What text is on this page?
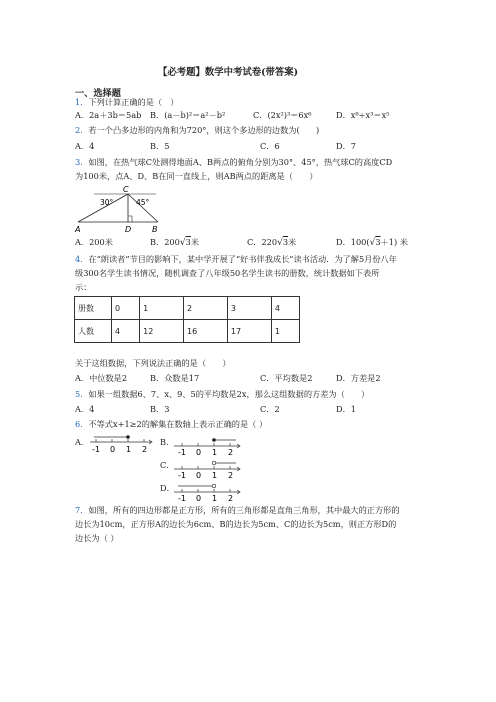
【必考题】数学中考试卷(带答案)
一、选择题
1．下列计算正确的是（　）
A．2a＋3b＝5ab B．(a－b)²＝a²－b²	C．(2x²)³＝6x⁶	D．x⁸÷x³＝x⁵
2．若一个凸多边形的内角和为720°，则这个多边形的边数为(　　)
A．4	B．5	C．6	D．7
3．如图，在热气球C处测得地面A、B两点的俯角分别为30°、45°，热气球C的高度CD
为100米，点A、D、B在同一直线上，则AB两点的距离是（　　）
C
30°	45°
A	D	B
A．200米	B．200√3米	C．220√3米	D．100(√3＋1) 米
4．在“朗读者”节目的影响下，某中学开展了“好书伴我成长”读书活动．为了解5月份八年
级300名学生读书情况，随机调查了八年级50名学生读书的册数，统计数据如下表所
示：
册数	0	1	2	3	4
人数	4	12	16	17	1
关于这组数据，下列说法正确的是（　　）
A．中位数是2	B．众数是17	C．平均数是2	D．方差是2
5．如果一组数据6、7、x、9、5的平均数是2x，那么这组数据的方差为（　　）
A．4	B．3	C．2	D．1
6．不等式x+1≥2的解集在数轴上表示正确的是（ ）
A．	B．
C．
D．
-1 0 1 2	-1 0 1 2
-1 0 1 2
-1 0 1 2
7．如图，所有的四边形都是正方形，所有的三角形都是直角三角形，其中最大的正方形的
边长为10cm，正方形A的边长为6cm、B的边长为5cm、C的边长为5cm，则正方形D的
边长为（ ）
